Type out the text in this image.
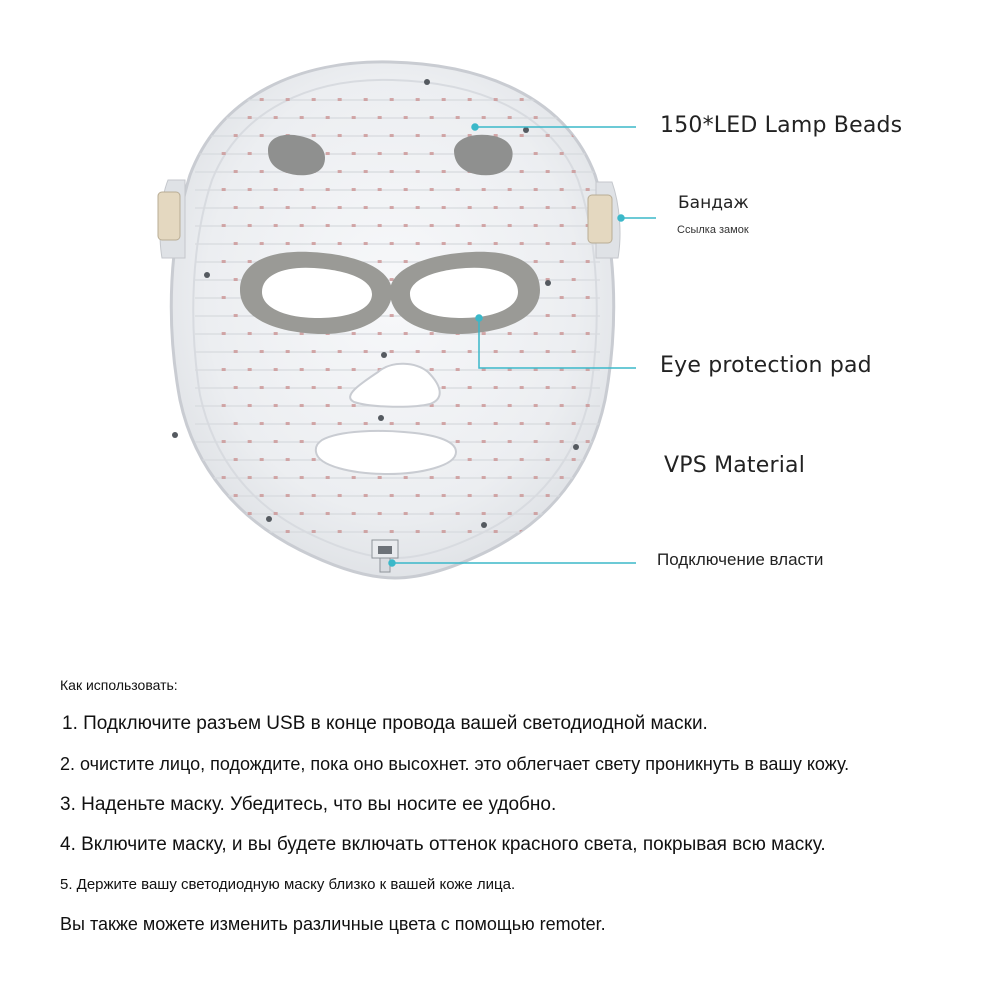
150*LED Lamp Beads
Бандаж
Ссылка замок
Eye protection pad
VPS Material
Подключение власти
Как использовать:
1. Подключите разъем USB в конце провода вашей светодиодной маски.
2. очистите лицо, подождите, пока оно высохнет. это облегчает свету проникнуть в вашу кожу.
3. Наденьте маску. Убедитесь, что вы носите ее удобно.
4. Включите маску, и вы будете включать оттенок красного света, покрывая всю маску.
5. Держите вашу светодиодную маску близко к вашей коже лица.
Вы также можете изменить различные цвета с помощью remoter.
